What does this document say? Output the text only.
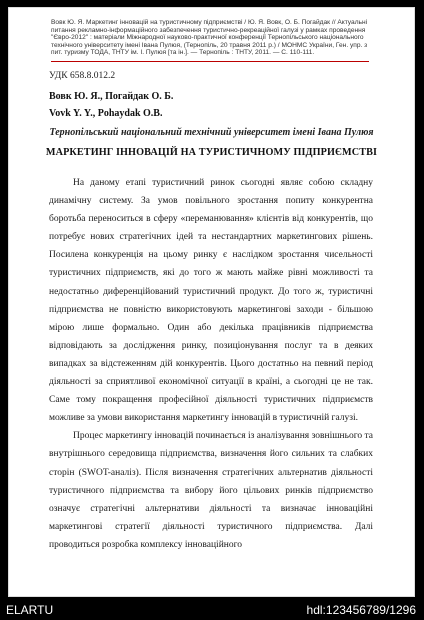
Вовк Ю. Я. Маркетинг інновацій на туристичному підприємстві / Ю. Я. Вовк, О. Б. Погайдак // Актуальні
питання рекламно-інформаційного забезпечення туристично-рекреаційної галузі у рамках проведення
"Євро-2012" : матеріали Міжнародної науково-практичної конференції Тернопільського національного
технічного університету імені Івана Пулюя, (Тернопіль, 20 травня 2011 р.) / МОНМС України, Ген. упр. з
пит. туризму ТОДА, ТНТУ ім. І. Пулюя [та ін.]. — Тернопіль : ТНТУ, 2011. — С. 110-111.
УДК 658.8.012.2
Вовк Ю. Я., Погайдак О. Б.
Vovk Y. Y., Pohaydak O.B.
Тернопільський національний технічний університет імені Івана Пулюя
МАРКЕТИНГ ІННОВАЦІЙ НА ТУРИСТИЧНОМУ ПІДПРИЄМСТВІ

На даному етапі туристичний ринок сьогодні являє собою складну динамічну систему. За умов повільного зростання попиту конкурентна боротьба переноситься в сферу «переманювання» клієнтів від конкурентів, що потребує нових стратегічних ідей та нестандартних маркетингових рішень. Посилена конкуренція на цьому ринку є наслідком зростання чисельності туристичних підприємств, які до того ж мають майже рівні можливості та недостатньо диференційований туристичний продукт. До того ж, туристичні підприємства не повністю використовують маркетингові заходи - більшою мірою лише формально. Один або декілька працівників підприємства відповідають за дослідження ринку, позиціонування послуг та в деяких випадках за відстеженням дій конкурентів. Цього достатньо на певний період діяльності за сприятливої економічної ситуації в країні, а сьогодні це не так. Саме тому покращення професійної діяльності туристичних підприємств можливе за умови використання маркетингу інновацій в туристичній галузі.

Процес маркетингу інновацій починається із аналізування зовнішнього та внутрішнього середовища підприємства, визначення його сильних та слабких сторін (SWOT-аналіз). Після визначення стратегічних альтернатив діяльності туристичного підприємства та вибору його цільових ринків підприємство означує стратегічні альтернативи діяльності та визначає інноваційні маркетингові стратегії діяльності туристичного підприємства. Далі проводиться розробка комплексу інноваційного

ELARTU	hdl:123456789/1296
